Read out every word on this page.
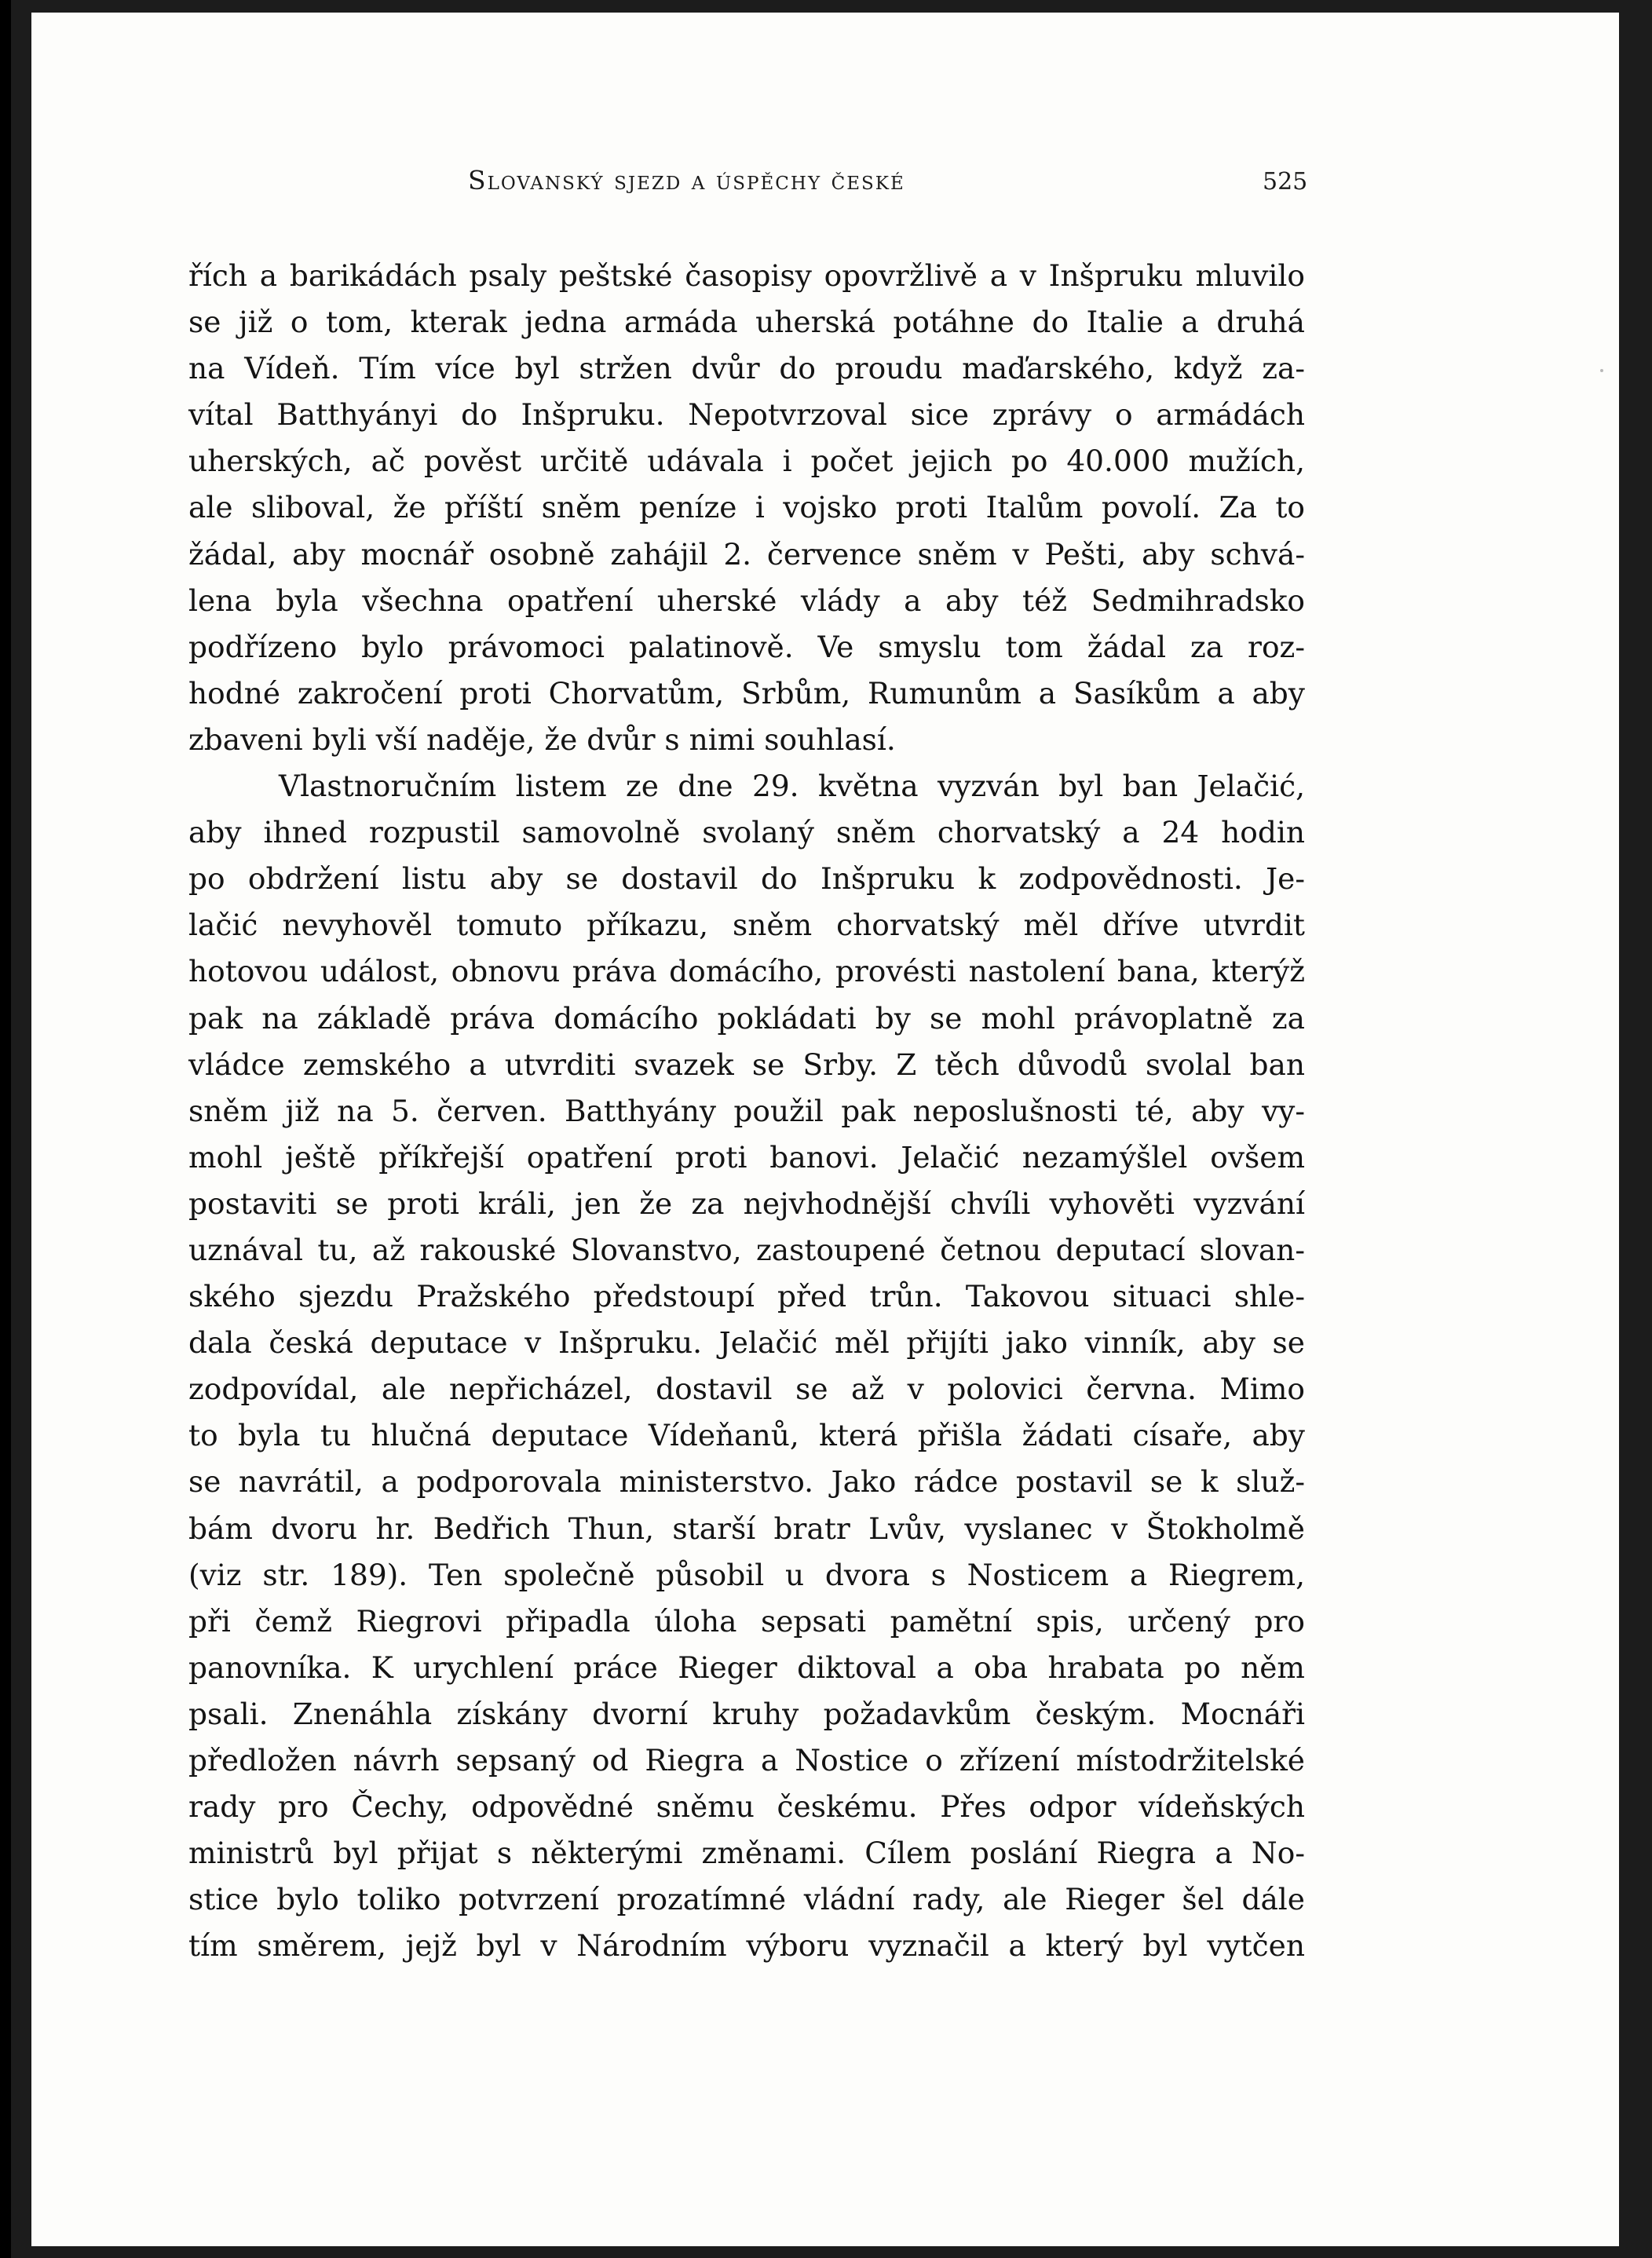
Slovanský sjezd a úspěchy české	525
řích a barikádách psaly peštské časopisy opovržlivě a v Inšpruku mluvilo
se již o tom, kterak jedna armáda uherská potáhne do Italie a druhá
na Vídeň. Tím více byl stržen dvůr do proudu maďarského, když za-
vítal Batthyányi do Inšpruku. Nepotvrzoval sice zprávy o armádách
uherských, ač pověst určitě udávala i počet jejich po 40.000 mužích,
ale sliboval, že příští sněm peníze i vojsko proti Italům povolí. Za to
žádal, aby mocnář osobně zahájil 2. července sněm v Pešti, aby schvá-
lena byla všechna opatření uherské vlády a aby též Sedmihradsko
podřízeno bylo právomoci palatinově. Ve smyslu tom žádal za roz-
hodné zakročení proti Chorvatům, Srbům, Rumunům a Sasíkům a aby
zbaveni byli vší naděje, že dvůr s nimi souhlasí.
Vlastnoručním listem ze dne 29. května vyzván byl ban Jelačić,
aby ihned rozpustil samovolně svolaný sněm chorvatský a 24 hodin
po obdržení listu aby se dostavil do Inšpruku k zodpovědnosti. Je-
lačić nevyhověl tomuto příkazu, sněm chorvatský měl dříve utvrdit
hotovou událost, obnovu práva domácího, provésti nastolení bana, kterýž
pak na základě práva domácího pokládati by se mohl právoplatně za
vládce zemského a utvrditi svazek se Srby. Z těch důvodů svolal ban
sněm již na 5. červen. Batthyány použil pak neposlušnosti té, aby vy-
mohl ještě příkřejší opatření proti banovi. Jelačić nezamýšlel ovšem
postaviti se proti králi, jen že za nejvhodnější chvíli vyhověti vyzvání
uznával tu, až rakouské Slovanstvo, zastoupené četnou deputací slovan-
ského sjezdu Pražského předstoupí před trůn. Takovou situaci shle-
dala česká deputace v Inšpruku. Jelačić měl přijíti jako vinník, aby se
zodpovídal, ale nepřicházel, dostavil se až v polovici června. Mimo
to byla tu hlučná deputace Vídeňanů, která přišla žádati císaře, aby
se navrátil, a podporovala ministerstvo. Jako rádce postavil se k služ-
bám dvoru hr. Bedřich Thun, starší bratr Lvův, vyslanec v Štokholmě
(viz str. 189). Ten společně působil u dvora s Nosticem a Riegrem,
při čemž Riegrovi připadla úloha sepsati pamětní spis, určený pro
panovníka. K urychlení práce Rieger diktoval a oba hrabata po něm
psali. Znenáhla získány dvorní kruhy požadavkům českým. Mocnáři
předložen návrh sepsaný od Riegra a Nostice o zřízení místodržitelské
rady pro Čechy, odpovědné sněmu českému. Přes odpor vídeňských
ministrů byl přijat s některými změnami. Cílem poslání Riegra a No-
stice bylo toliko potvrzení prozatímné vládní rady, ale Rieger šel dále
tím směrem, jejž byl v Národním výboru vyznačil a který byl vytčen
